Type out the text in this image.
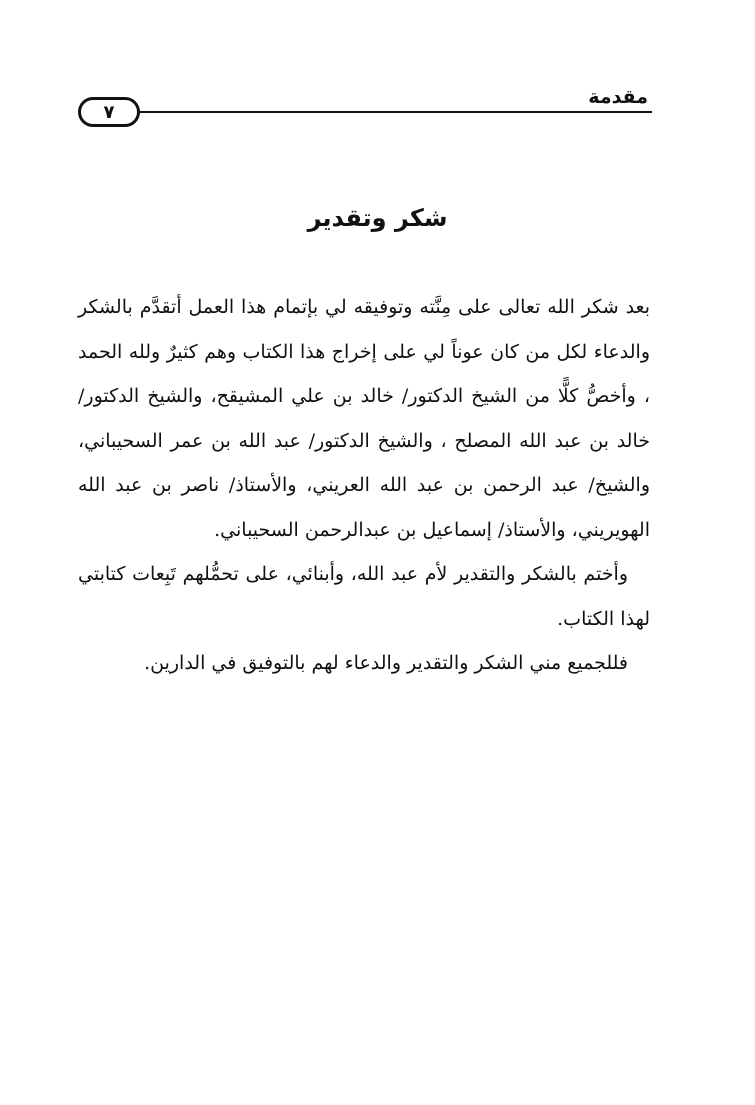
مقدمة
٧
شكر وتقدير

بعد شكر الله تعالى على مِنَّته وتوفيقه لي بإتمام هذا العمل أتقدَّم بالشكر والدعاء لكل من كان عوناً لي على إخراج هذا الكتاب وهم كثيرٌ ولله الحمد ، وأخصُّ كلًّا من الشيخ الدكتور/ خالد بن علي المشيقح، والشيخ الدكتور/ خالد بن عبد الله المصلح ، والشيخ الدكتور/ عبد الله بن عمر السحيباني، والشيخ/ عبد الرحمن بن عبد الله العريني، والأستاذ/ ناصر بن عبد الله الهويريني، والأستاذ/ إسماعيل بن عبدالرحمن السحيباني.

وأختم بالشكر والتقدير لأم عبد الله، وأبنائي، على تحمُّلهم تَبِعات كتابتي لهذا الكتاب.

فللجميع مني الشكر والتقدير والدعاء لهم بالتوفيق في الدارين.
